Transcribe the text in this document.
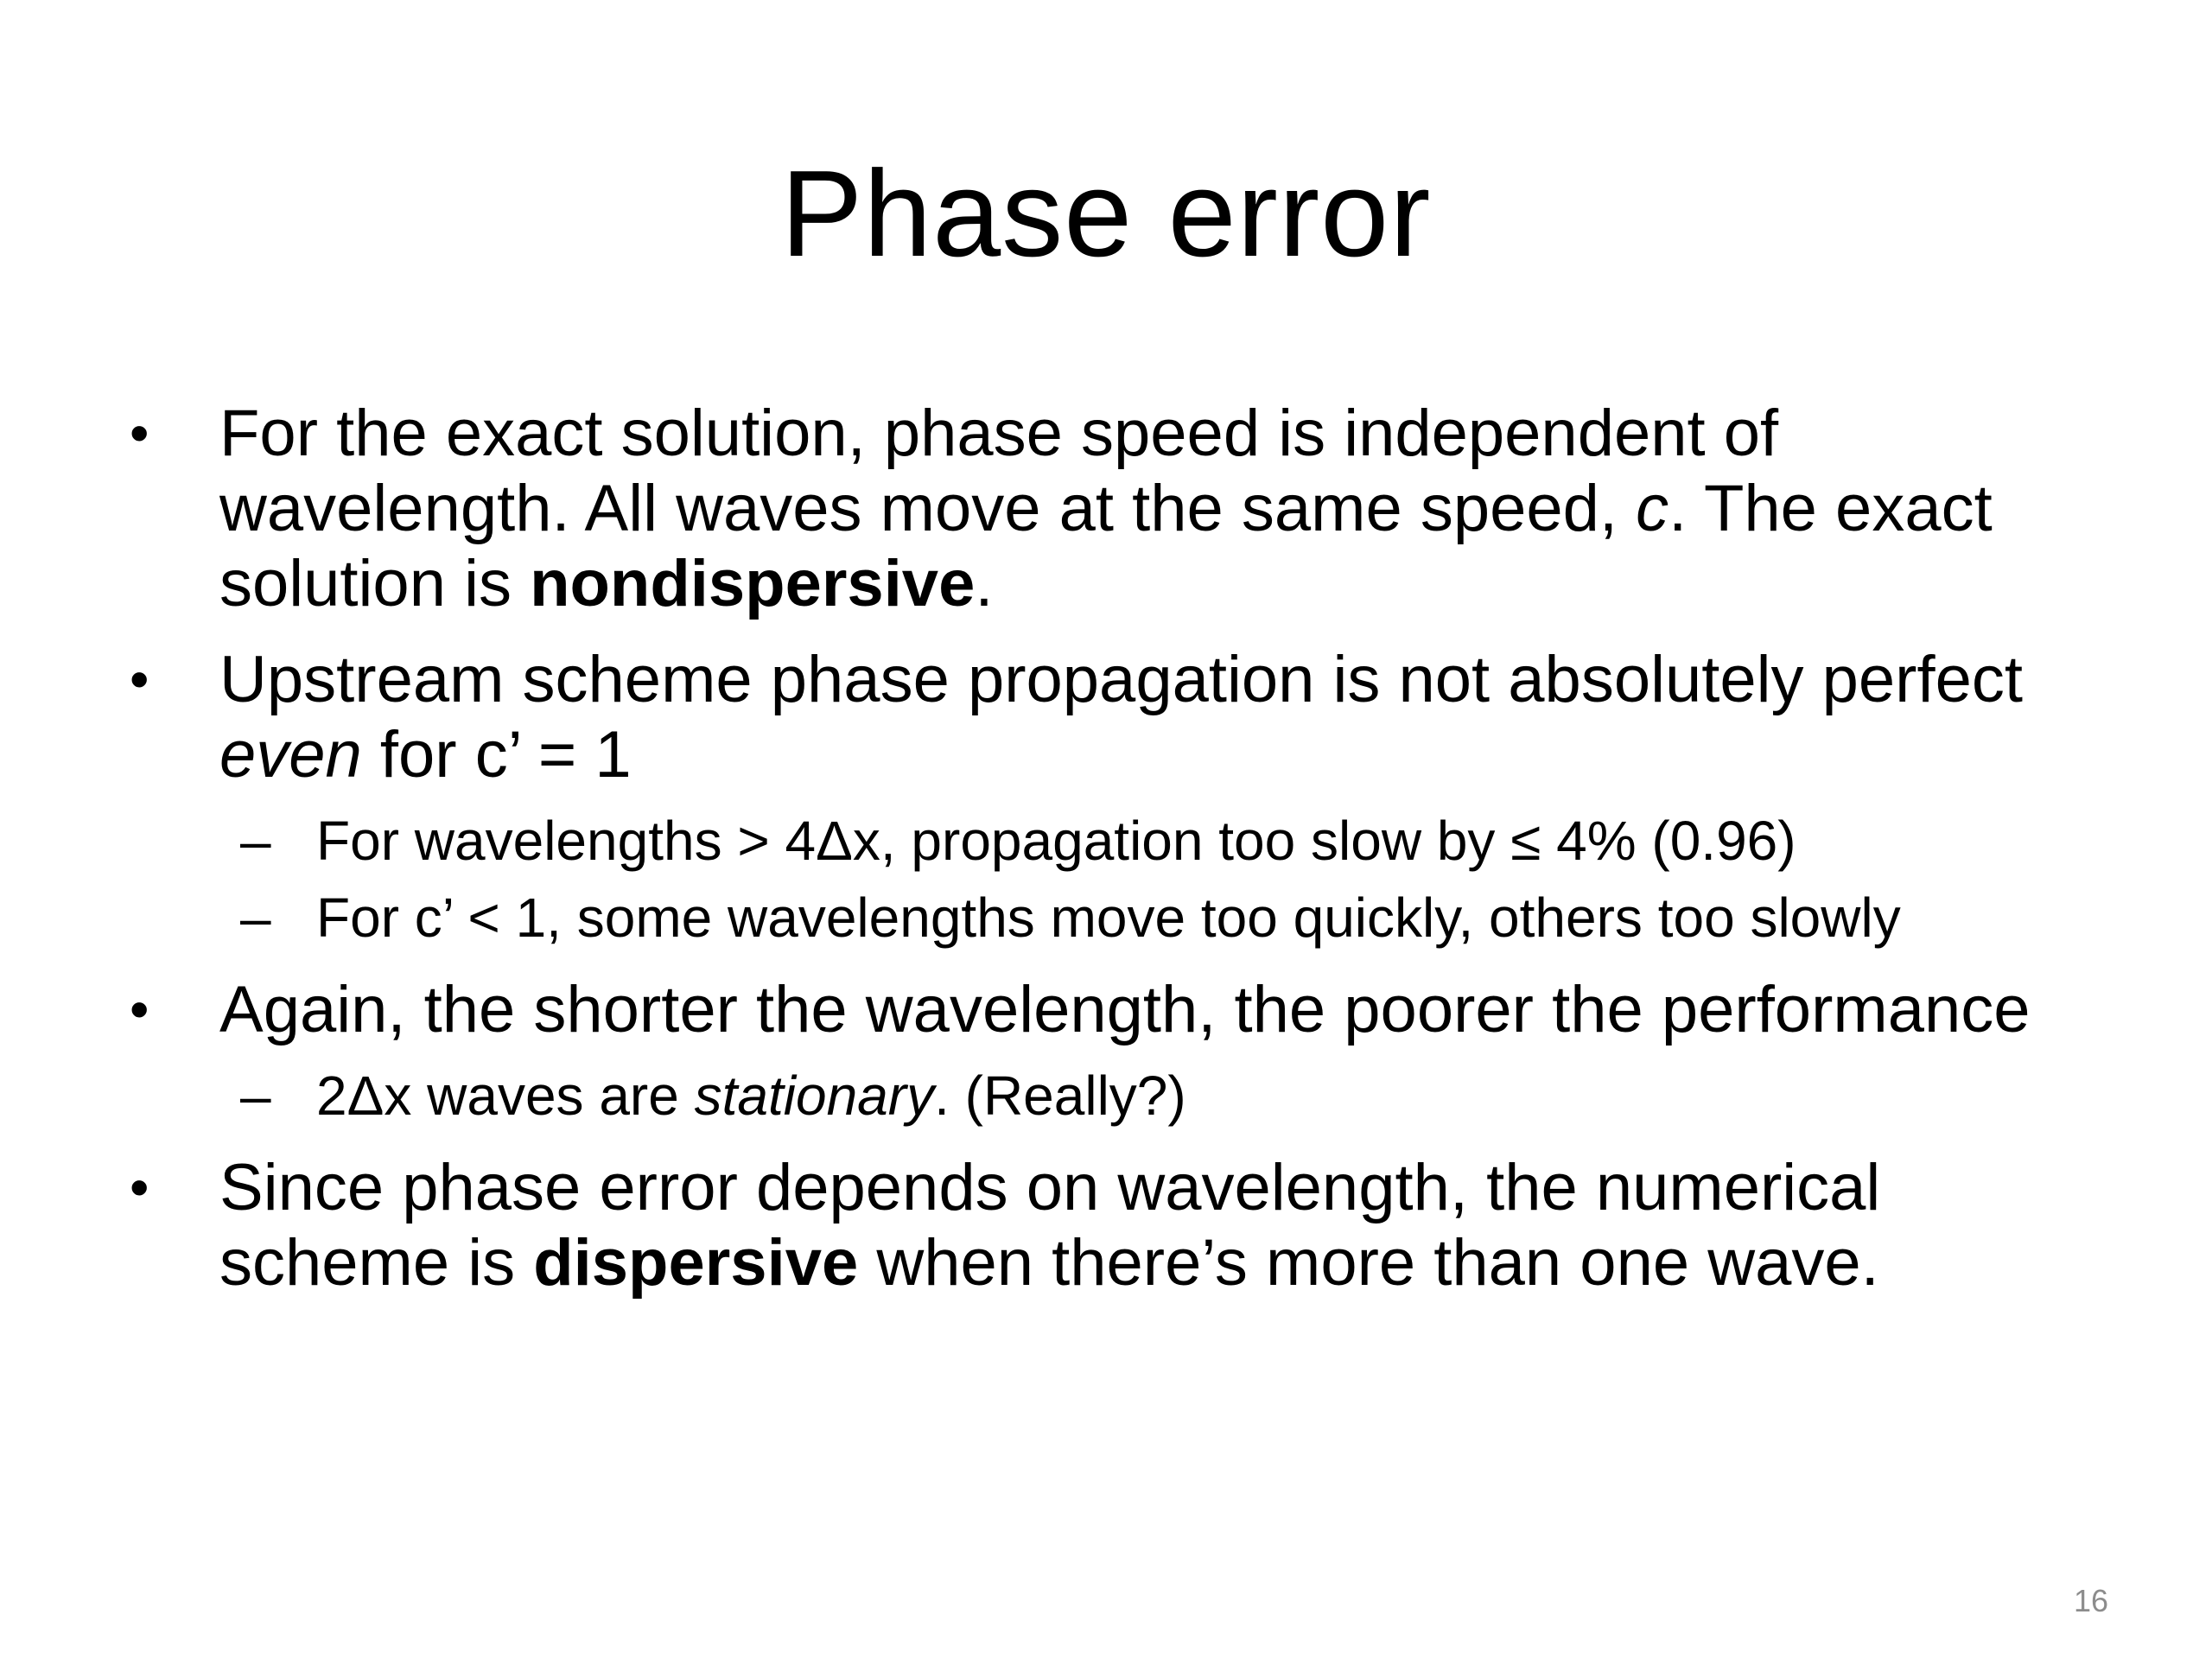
Phase error
•	For the exact solution, phase speed is independent of wavelength. All waves move at the same speed, c. The exact solution is nondispersive.
•	Upstream scheme phase propagation is not absolutely perfect even for c’ = 1
– For wavelengths > 4Δx, propagation too slow by ≤ 4% (0.96)
– For c’ < 1, some wavelengths move too quickly, others too slowly
•	Again, the shorter the wavelength, the poorer the performance
– 2Δx waves are stationary. (Really?)
•	Since phase error depends on wavelength, the numerical scheme is dispersive when there’s more than one wave.
16
